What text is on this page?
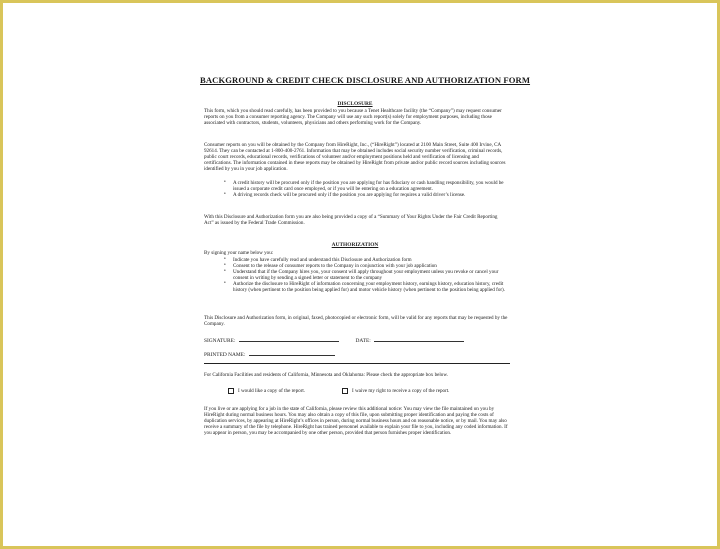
BACKGROUND & CREDIT CHECK DISCLOSURE AND AUTHORIZATION FORM
DISCLOSURE
This form, which you should read carefully, has been provided to you because a Tenet Healthcare facility (the “Company”) may request consumer reports on you from a consumer reporting agency. The Company will use any such report(s) solely for employment purposes, including those associated with contractors, students, volunteers, physicians and others performing work for the Company.
Consumer reports on you will be obtained by the Company from HireRight, Inc., (“HireRight”) located at 2100 Main Street, Suite 400 Irvine, CA 92614. They can be contacted at 1-800-400-2761. Information that may be obtained includes social security number verification, criminal records, public court records, educational records, verifications of volunteer and/or employment positions held and verification of licensing and certifications. The information contained in these reports may be obtained by HireRight from private and/or public record sources including sources identified by you in your job application.
• A credit history will be procured only if the position you are applying for has fiduciary or cash handling responsibility, you would be issued a corporate credit card once employed, or if you will be entering on a education agreement.
• A driving records check will be procured only if the position you are applying for requires a valid driver’s license.
With this Disclosure and Authorization form you are also being provided a copy of a “Summary of Your Rights Under the Fair Credit Reporting Act” as issued by the Federal Trade Commission.
AUTHORIZATION
By signing your name below you:
• Indicate you have carefully read and understand this Disclosure and Authorization form
• Consent to the release of consumer reports to the Company in conjunction with your job application
• Understand that if the Company hires you, your consent will apply throughout your employment unless you revoke or cancel your consent in writing by sending a signed letter or statement to the company
• Authorize the disclosure to HireRight of information concerning your employment history, earnings history, education history, credit history (when pertinent to the position being applied for) and motor vehicle history (when pertinent to the position being applied for).
This Disclosure and Authorization form, in original, faxed, photocopied or electronic form, will be valid for any reports that may be requested by the Company.
SIGNATURE:	DATE:
PRINTED NAME:
For California Facilities and residents of California, Minnesota and Oklahoma: Please check the appropriate box below.
I would like a copy of the report.	I waive my right to receive a copy of the report.
If you live or are applying for a job in the state of California, please review this additional notice: You may view the file maintained on you by HireRight during normal business hours. You may also obtain a copy of this file, upon submitting proper identification and paying the costs of duplication services, by appearing at HireRight’s offices in person, during normal business hours and on reasonable notice, or by mail. You may also receive a summary of the file by telephone. HireRight has trained personnel available to explain your file to you, including any coded information. If you appear in person, you may be accompanied by one other person, provided that person furnishes proper identification.
